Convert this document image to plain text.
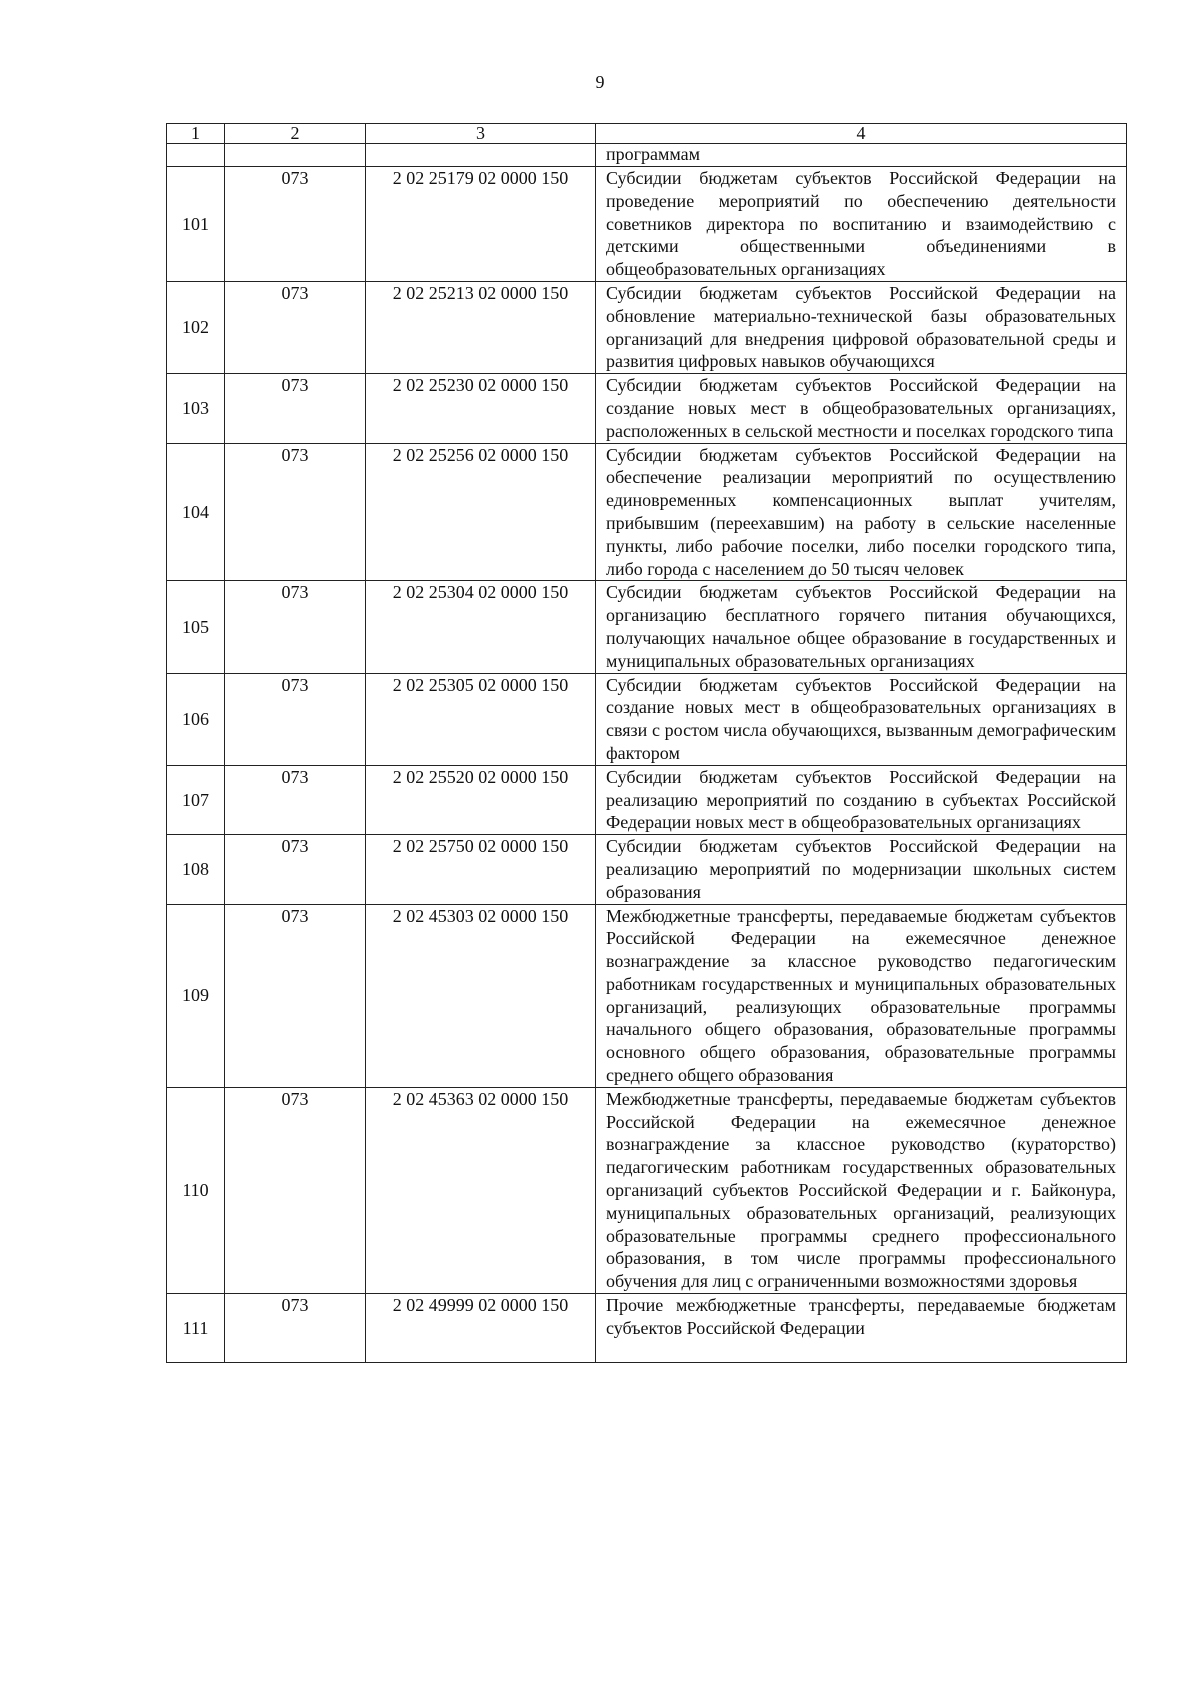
9
1	2	3	4
			программам
101	073	2 02 25179 02 0000 150	Субсидии бюджетам субъектов Российской Федерации на проведение мероприятий по обеспечению деятельности советников директора по воспитанию и взаимодействию с детскими общественными объединениями в общеобразовательных организациях
102	073	2 02 25213 02 0000 150	Субсидии бюджетам субъектов Российской Федерации на обновление материально-технической базы образовательных организаций для внедрения цифровой образовательной среды и развития цифровых навыков обучающихся
103	073	2 02 25230 02 0000 150	Субсидии бюджетам субъектов Российской Федерации на создание новых мест в общеобразовательных организациях, расположенных в сельской местности и поселках городского типа
104	073	2 02 25256 02 0000 150	Субсидии бюджетам субъектов Российской Федерации на обеспечение реализации мероприятий по осуществлению единовременных компенсационных выплат учителям, прибывшим (переехавшим) на работу в сельские населенные пункты, либо рабочие поселки, либо поселки городского типа, либо города с населением до 50 тысяч человек
105	073	2 02 25304 02 0000 150	Субсидии бюджетам субъектов Российской Федерации на организацию бесплатного горячего питания обучающихся, получающих начальное общее образование в государственных и муниципальных образовательных организациях
106	073	2 02 25305 02 0000 150	Субсидии бюджетам субъектов Российской Федерации на создание новых мест в общеобразовательных организациях в связи с ростом числа обучающихся, вызванным демографическим фактором
107	073	2 02 25520 02 0000 150	Субсидии бюджетам субъектов Российской Федерации на реализацию мероприятий по созданию в субъектах Российской Федерации новых мест в общеобразовательных организациях
108	073	2 02 25750 02 0000 150	Субсидии бюджетам субъектов Российской Федерации на реализацию мероприятий по модернизации школьных систем образования
109	073	2 02 45303 02 0000 150	Межбюджетные трансферты, передаваемые бюджетам субъектов Российской Федерации на ежемесячное денежное вознаграждение за классное руководство педагогическим работникам государственных и муниципальных образовательных организаций, реализующих образовательные программы начального общего образования, образовательные программы основного общего образования, образовательные программы среднего общего образования
110	073	2 02 45363 02 0000 150	Межбюджетные трансферты, передаваемые бюджетам субъектов Российской Федерации на ежемесячное денежное вознаграждение за классное руководство (кураторство) педагогическим работникам государственных образовательных организаций субъектов Российской Федерации и г. Байконура, муниципальных образовательных организаций, реализующих образовательные программы среднего профессионального образования, в том числе программы профессионального обучения для лиц с ограниченными возможностями здоровья
111	073	2 02 49999 02 0000 150	Прочие межбюджетные трансферты, передаваемые бюджетам субъектов Российской Федерации
